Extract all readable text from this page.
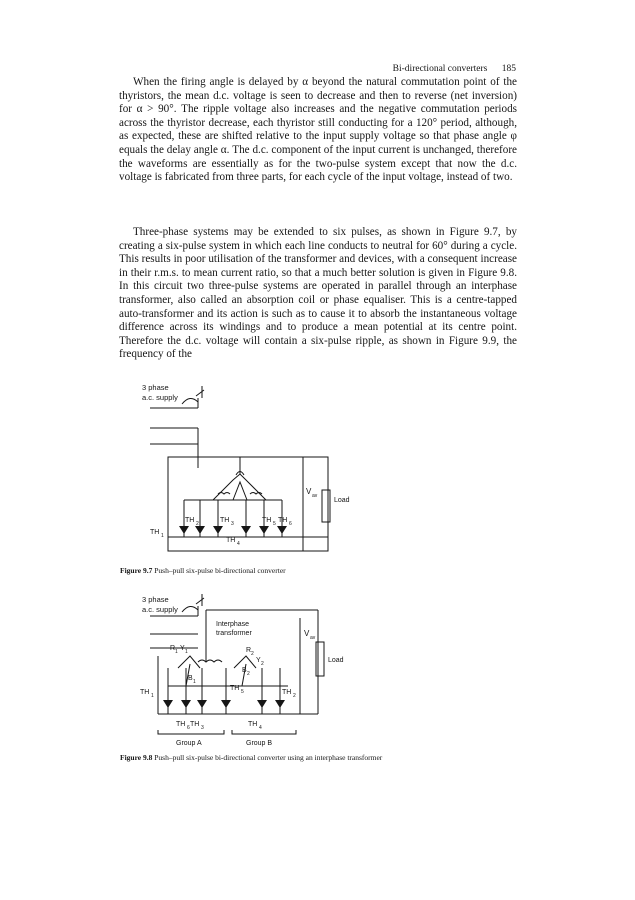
Bi-directional converters 185

When the firing angle is delayed by α beyond the natural commutation point of the thyristors, the mean d.c. voltage is seen to decrease and then to reverse (net inversion) for α > 90°. The ripple voltage also increases and the negative commutation periods across the thyristor decrease, each thyristor still conducting for a 120° period, although, as expected, these are shifted relative to the input supply voltage so that phase angle φ equals the delay angle α. The d.c. component of the input current is unchanged, therefore the waveforms are essentially as for the two-pulse system except that now the d.c. voltage is fabricated from three parts, for each cycle of the input voltage, instead of two.

Three-phase systems may be extended to six pulses, as shown in Figure 9.7, by creating a six-pulse system in which each line conducts to neutral for 60° during a cycle. This results in poor utilisation of the transformer and devices, with a consequent increase in their r.m.s. to mean current ratio, so that a much better solution is given in Figure 9.8. In this circuit two three-pulse systems are operated in parallel through an interphase transformer, also called an absorption coil or phase equaliser. This is a centre-tapped auto-transformer and its action is such as to cause it to absorb the instantaneous voltage difference across its windings and to produce a mean potential at its centre point. Therefore the d.c. voltage will contain a six-pulse ripple, as shown in Figure 9.9, the frequency of the

3 phase
a.c. supply
V av
Load
TH 1
TH 2	TH 3
TH 4
TH 5 TH 6
Figure 9.7 Push–pull six-pulse bi-directional converter
3 phase
a.c. supply
Interphase
transformer	V av
Load
R 1 Y 1
B 1
R 2
Y 2
B 2
TH 1	TH 2
TH 6 TH 3	TH 4
TH 5
Group A	Group B
Figure 9.8 Push–pull six-pulse bi-directional converter using an interphase transformer
